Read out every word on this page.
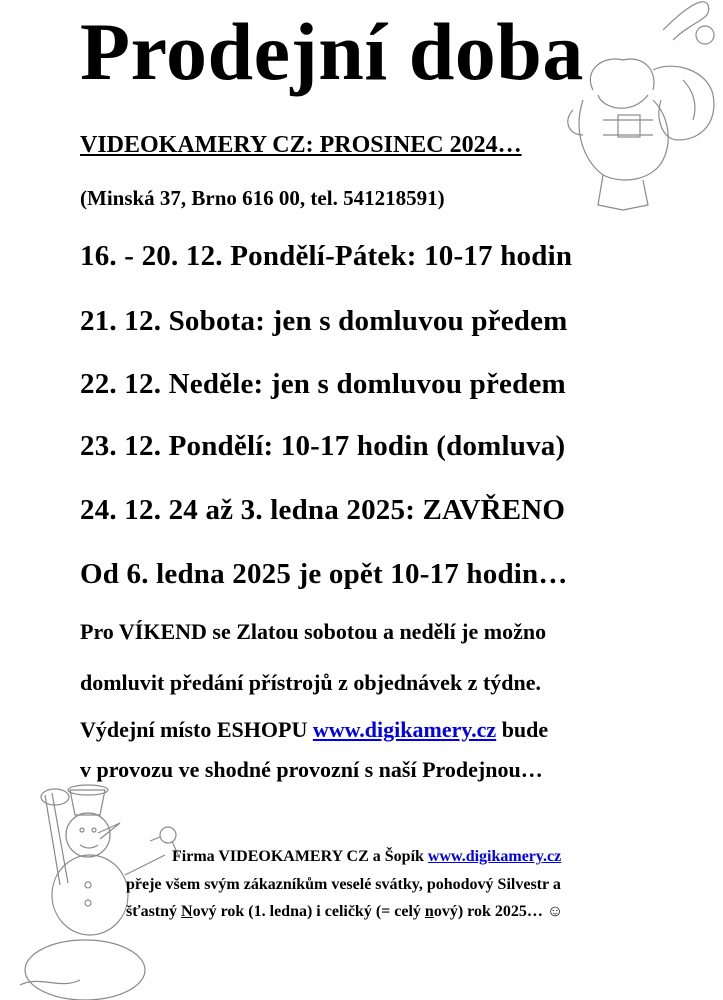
Prodejní doba
VIDEOKAMERY CZ: PROSINEC 2024…
(Minská 37, Brno 616 00, tel. 541218591)
16. - 20. 12. Pondělí-Pátek: 10-17 hodin
21. 12. Sobota: jen s domluvou předem
22. 12. Neděle: jen s domluvou předem
23. 12. Pondělí: 10-17 hodin (domluva)
24. 12. 24 až 3. ledna 2025: ZAVŘENO
Od 6. ledna 2025 je opět 10-17 hodin…
Pro VÍKEND se Zlatou sobotou a nedělí je možno
domluvit předání přístrojů z objednávek z týdne.
Výdejní místo ESHOPU www.digikamery.cz bude
v provozu ve shodné provozní s naší Prodejnou…
Firma VIDEOKAMERY CZ a Šopík www.digikamery.cz
přeje všem svým zákazníkům veselé svátky, pohodový Silvestr a
šťastný Nový rok (1. ledna) i celičký (= celý nový) rok 2025… ☺
